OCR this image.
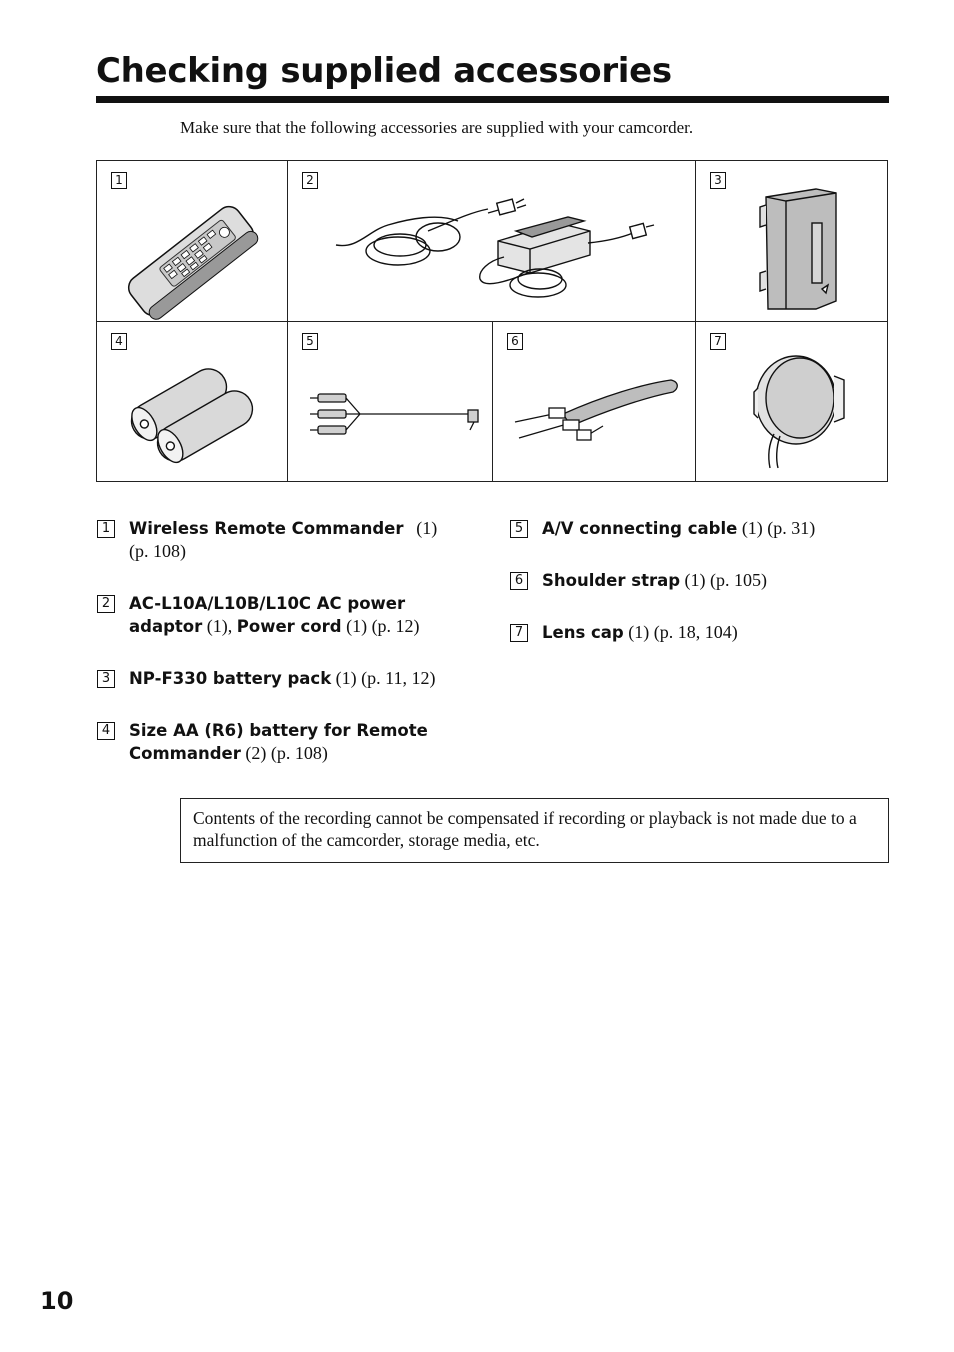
Checking supplied accessories
Make sure that the following accessories are supplied with your camcorder.
1	2	3
4	5	6	7
1 Wireless Remote Commander (1)
(p. 108)
2 AC-L10A/L10B/L10C AC power
adaptor (1), Power cord (1) (p. 12)
3 NP-F330 battery pack (1) (p. 11, 12)
4 Size AA (R6) battery for Remote
Commander (2) (p. 108)
5 A/V connecting cable (1) (p. 31)
6 Shoulder strap (1) (p. 105)
7 Lens cap (1) (p. 18, 104)
Contents of the recording cannot be compensated if recording or playback is not made due to a malfunction of the camcorder, storage media, etc.
10
